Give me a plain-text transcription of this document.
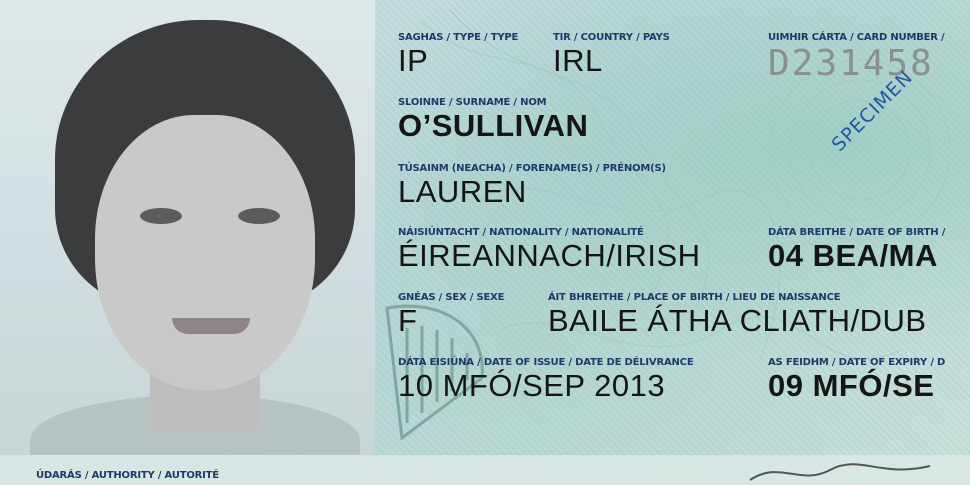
SAGHAS / TYPE / TYPE
IP
TIR / COUNTRY / PAYS
IRL
UIMHIR CÁRTA / CARD NUMBER /
D231458
SLOINNE / SURNAME / NOM
O’SULLIVAN
TÚSAINM (NEACHA) / FORENAME(S) / PRÉNOM(S)
LAUREN
NÁISIÚNTACHT / NATIONALITY / NATIONALITÉ
ÉIREANNACH/IRISH
DÁTA BREITHE / DATE OF BIRTH /
04 BEA/MA
GNÉAS / SEX / SEXE
F
ÁIT BHREITHE / PLACE OF BIRTH / LIEU DE NAISSANCE
BAILE ÁTHA CLIATH/DUB
DÁTA EISIÚNA / DATE OF ISSUE / DATE DE DÉLIVRANCE
10 MFÓ/SEP 2013
AS FEIDHM / DATE OF EXPIRY / D
09 MFÓ/SE
SPECIMEN
ÚDARÁS / AUTHORITY / AUTORITÉ
